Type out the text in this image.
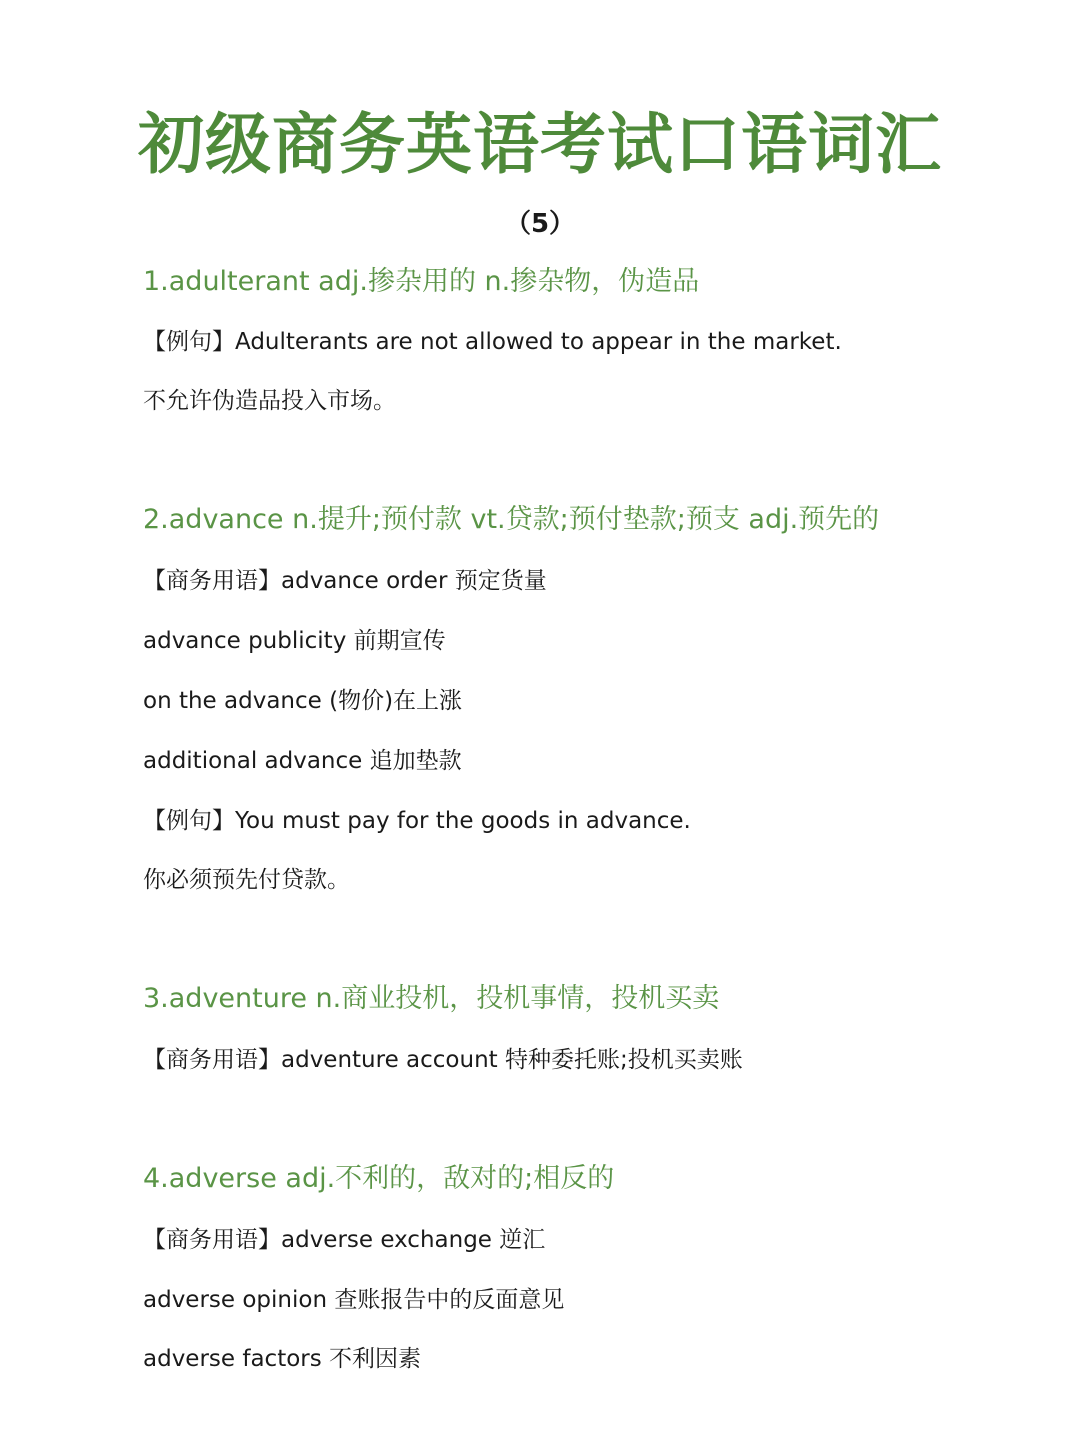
初级商务英语考试口语词汇
（5）
1.adulterant adj.掺杂用的 n.掺杂物，伪造品
【例句】Adulterants are not allowed to appear in the market.
不允许伪造品投入市场。
2.advance n.提升;预付款 vt.贷款;预付垫款;预支 adj.预先的
【商务用语】advance order 预定货量
advance publicity 前期宣传
on the advance (物价)在上涨
additional advance 追加垫款
【例句】You must pay for the goods in advance.
你必须预先付贷款。
3.adventure n.商业投机，投机事情，投机买卖
【商务用语】adventure account 特种委托账;投机买卖账
4.adverse adj.不利的，敌对的;相反的
【商务用语】adverse exchange 逆汇
adverse opinion 查账报告中的反面意见
adverse factors 不利因素
